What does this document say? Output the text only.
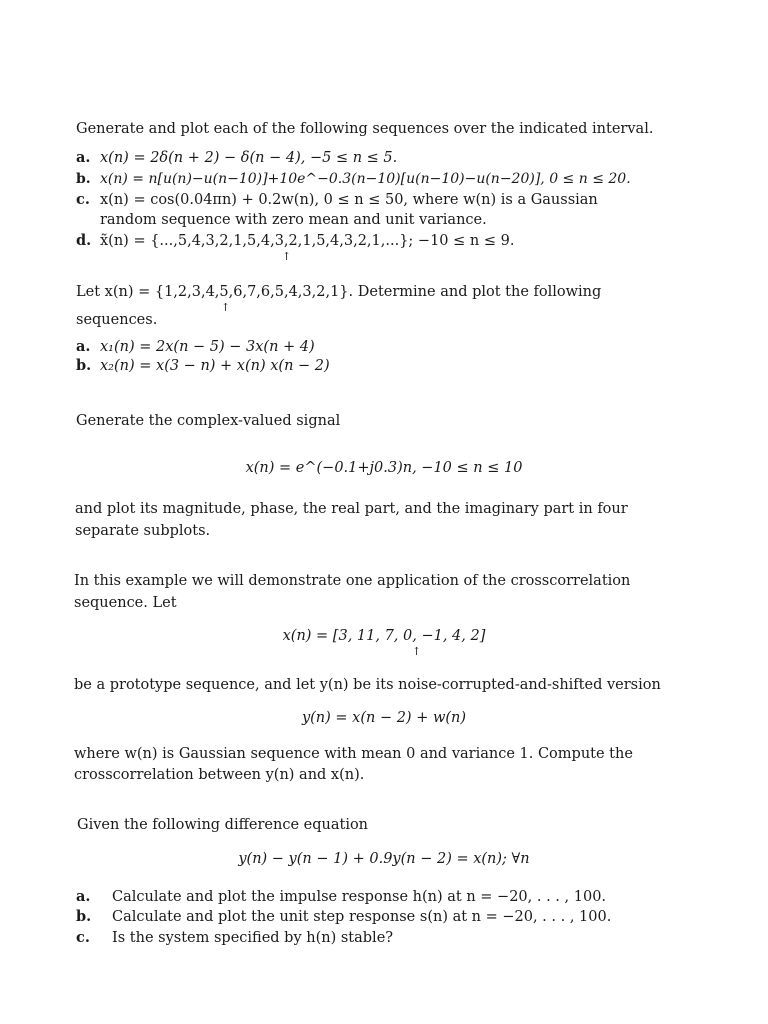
Generate and plot each of the following sequences over the indicated interval.
a. x(n) = 2δ(n + 2) − δ(n − 4), −5 ≤ n ≤ 5.
b. x(n) = n[u(n)−u(n−10)]+10e^−0.3(n−10)[u(n−10)−u(n−20)], 0 ≤ n ≤ 20.
c. x(n) = cos(0.04πn) + 0.2w(n), 0 ≤ n ≤ 50, where w(n) is a Gaussian
random sequence with zero mean and unit variance.
d. x̃(n) = {...,5,4,3,2,1,5,4,3,2,1,5,4,3,2,1,...}; −10 ≤ n ≤ 9.
↑
Let x(n) = {1,2,3,4,5,6,7,6,5,4,3,2,1}. Determine and plot the following
↑
sequences.
a. x₁(n) = 2x(n − 5) − 3x(n + 4)
b. x₂(n) = x(3 − n) + x(n) x(n − 2)
Generate the complex-valued signal
x(n) = e^(−0.1+j0.3)n, −10 ≤ n ≤ 10
and plot its magnitude, phase, the real part, and the imaginary part in four
separate subplots.
In this example we will demonstrate one application of the crosscorrelation
sequence. Let
x(n) = [3, 11, 7, 0, −1, 4, 2]
↑
be a prototype sequence, and let y(n) be its noise-corrupted-and-shifted version
y(n) = x(n − 2) + w(n)
where w(n) is Gaussian sequence with mean 0 and variance 1. Compute the
crosscorrelation between y(n) and x(n).
Given the following difference equation
y(n) − y(n − 1) + 0.9y(n − 2) = x(n); ∀n
a. Calculate and plot the impulse response h(n) at n = −20, . . . , 100.
b. Calculate and plot the unit step response s(n) at n = −20, . . . , 100.
c. Is the system specified by h(n) stable?
